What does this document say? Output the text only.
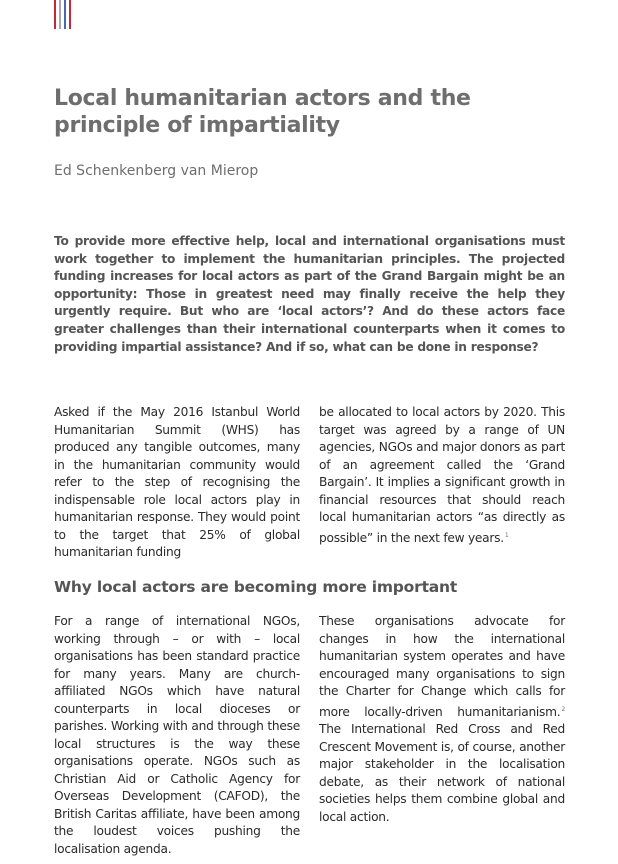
Local humanitarian actors and the principle of impartiality

Ed Schenkenberg van Mierop

To provide more effective help, local and international organisations must work together to implement the humanitarian principles. The projected funding increases for local actors as part of the Grand Bargain might be an opportunity: Those in greatest need may finally receive the help they urgently require. But who are ‘local actors’? And do these actors face greater challenges than their international counterparts when it comes to providing impartial assistance? And if so, what can be done in response?

Asked if the May 2016 Istanbul World Humanitarian Summit (WHS) has produced any tangible outcomes, many in the humanitarian community would refer to the step of recognising the indispensable role local actors play in humanitarian response. They would point to the target that 25% of global humanitarian funding

be allocated to local actors by 2020. This target was agreed by a range of UN agencies, NGOs and major donors as part of an agreement called the ‘Grand Bargain’. It implies a significant growth in financial resources that should reach local humanitarian actors “as directly as possible” in the next few years.$^1$

Why local actors are becoming more important

For a range of international NGOs, working through – or with – local organisations has been standard practice for many years. Many are church-affiliated NGOs which have natural counterparts in local dioceses or parishes. Working with and through these local structures is the way these organisations operate. NGOs such as Christian Aid or Catholic Agency for Overseas Development (CAFOD), the British Caritas affiliate, have been among the loudest voices pushing the localisation agenda.

These organisations advocate for changes in how the international humanitarian system operates and have encouraged many organisations to sign the Charter for Change which calls for more locally-driven humanitarianism.$^2$ The International Red Cross and Red Crescent Movement is, of course, another major stakeholder in the localisation debate, as their network of national societies helps them combine global and local action.
